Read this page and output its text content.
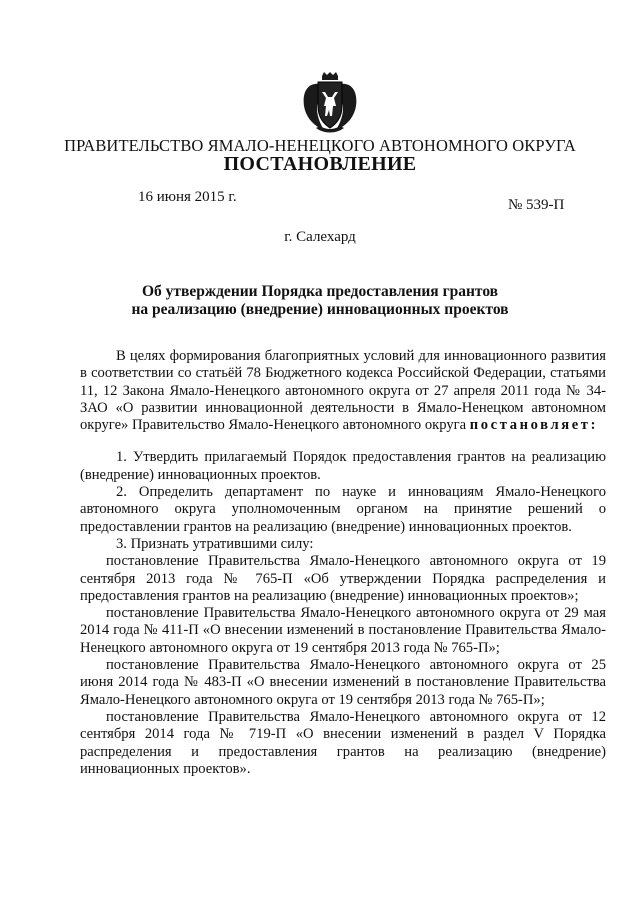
ПРАВИТЕЛЬСТВО ЯМАЛО-НЕНЕЦКОГО АВТОНОМНОГО ОКРУГА
ПОСТАНОВЛЕНИЕ
16 июня 2015 г.	№ 539-П
г. Салехард
Об утверждении Порядка предоставления грантов
на реализацию (внедрение) инновационных проектов

В целях формирования благоприятных условий для инновационного развития в соответствии со статьёй 78 Бюджетного кодекса Российской Федерации, статьями 11, 12 Закона Ямало-Ненецкого автономного округа от 27 апреля 2011 года № 34-ЗАО «О развитии инновационной деятельности в Ямало-Ненецком автономном округе» Правительство Ямало-Ненецкого автономного округа постановляет:

1. Утвердить прилагаемый Порядок предоставления грантов на реализацию (внедрение) инновационных проектов.

2. Определить департамент по науке и инновациям Ямало-Ненецкого автономного округа уполномоченным органом на принятие решений о предоставлении грантов на реализацию (внедрение) инновационных проектов.

3. Признать утратившими силу:

постановление Правительства Ямало-Ненецкого автономного округа от 19 сентября 2013 года № 765-П «Об утверждении Порядка распределения и предоставления грантов на реализацию (внедрение) инновационных проектов»;

постановление Правительства Ямало-Ненецкого автономного округа от 29 мая 2014 года № 411-П «О внесении изменений в постановление Правительства Ямало-Ненецкого автономного округа от 19 сентября 2013 года № 765-П»;

постановление Правительства Ямало-Ненецкого автономного округа от 25 июня 2014 года № 483-П «О внесении изменений в постановление Правительства Ямало-Ненецкого автономного округа от 19 сентября 2013 года № 765-П»;

постановление Правительства Ямало-Ненецкого автономного округа от 12 сентября 2014 года № 719-П «О внесении изменений в раздел V Порядка распределения и предоставления грантов на реализацию (внедрение) инновационных проектов».
